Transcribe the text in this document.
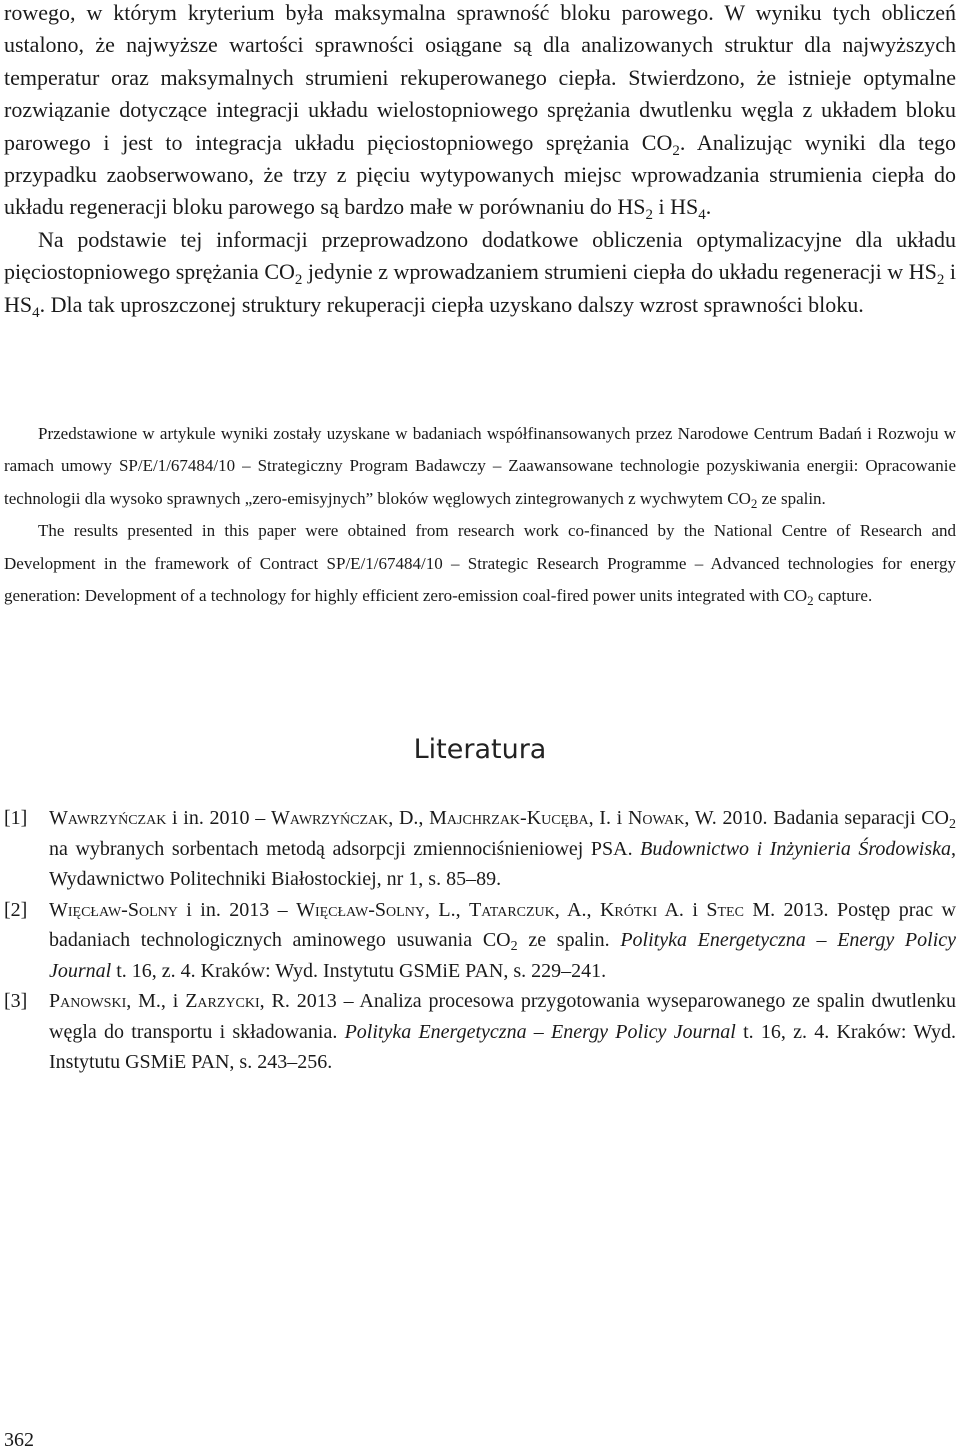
rowego, w którym kryterium była maksymalna sprawność bloku parowego. W wyniku tych obliczeń ustalono, że najwyższe wartości sprawności osiągane są dla analizowanych struktur dla najwyższych temperatur oraz maksymalnych strumieni rekuperowanego ciepła. Stwierdzono, że istnieje optymalne rozwiązanie dotyczące integracji układu wielostopniowego sprężania dwutlenku węgla z układem bloku parowego i jest to integracja układu pięciostopniowego sprężania $CO_2$. Analizując wyniki dla tego przypadku zaobserwowano, że trzy z pięciu wytypowanych miejsc wprowadzania strumienia ciepła do układu regeneracji bloku parowego są bardzo małe w porównaniu do $HS_2$ i $HS_4$.

Na podstawie tej informacji przeprowadzono dodatkowe obliczenia optymalizacyjne dla układu pięciostopniowego sprężania $CO_2$ jedynie z wprowadzaniem strumieni ciepła do układu regeneracji w $HS_2$ i $HS_4$. Dla tak uproszczonej struktury rekuperacji ciepła uzyskano dalszy wzrost sprawności bloku.

Przedstawione w artykule wyniki zostały uzyskane w badaniach współfinansowanych przez Narodowe Centrum Badań i Rozwoju w ramach umowy SP/E/1/67484/10 – Strategiczny Program Badawczy – Zaawansowane technologie pozyskiwania energii: Opracowanie technologii dla wysoko sprawnych „zero-emisyjnych” bloków węglowych zintegrowanych z wychwytem $CO_2$ ze spalin.

The results presented in this paper were obtained from research work co-financed by the National Centre of Research and Development in the framework of Contract SP/E/1/67484/10 – Strategic Research Programme – Advanced technologies for energy generation: Development of a technology for highly efficient zero-emission coal-fired power units integrated with $CO_2$ capture.

Literatura
[1]	Wawrzyńczak i in. 2010 – Wawrzyńczak, D., Majchrzak-Kucęba, I. i Nowak, W. 2010. Badania separacji $CO_2$ na wybranych sorbentach metodą adsorpcji zmiennociśnieniowej PSA. Budownictwo i Inżynieria Środowiska, Wydawnictwo Politechniki Białostockiej, nr 1, s. 85–89.
[2]	Więcław-Solny i in. 2013 – Więcław-Solny, L., Tatarczuk, A., Krótki A. i Stec M. 2013. Postęp prac w badaniach technologicznych aminowego usuwania $CO_2$ ze spalin. Polityka Energetyczna – Energy Policy Journal t. 16, z. 4. Kraków: Wyd. Instytutu GSMiE PAN, s. 229–241.
[3]	Panowski, M., i Zarzycki, R. 2013 – Analiza procesowa przygotowania wyseparowanego ze spalin dwutlenku węgla do transportu i składowania. Polityka Energetyczna – Energy Policy Journal t. 16, z. 4. Kraków: Wyd. Instytutu GSMiE PAN, s. 243–256.
362
